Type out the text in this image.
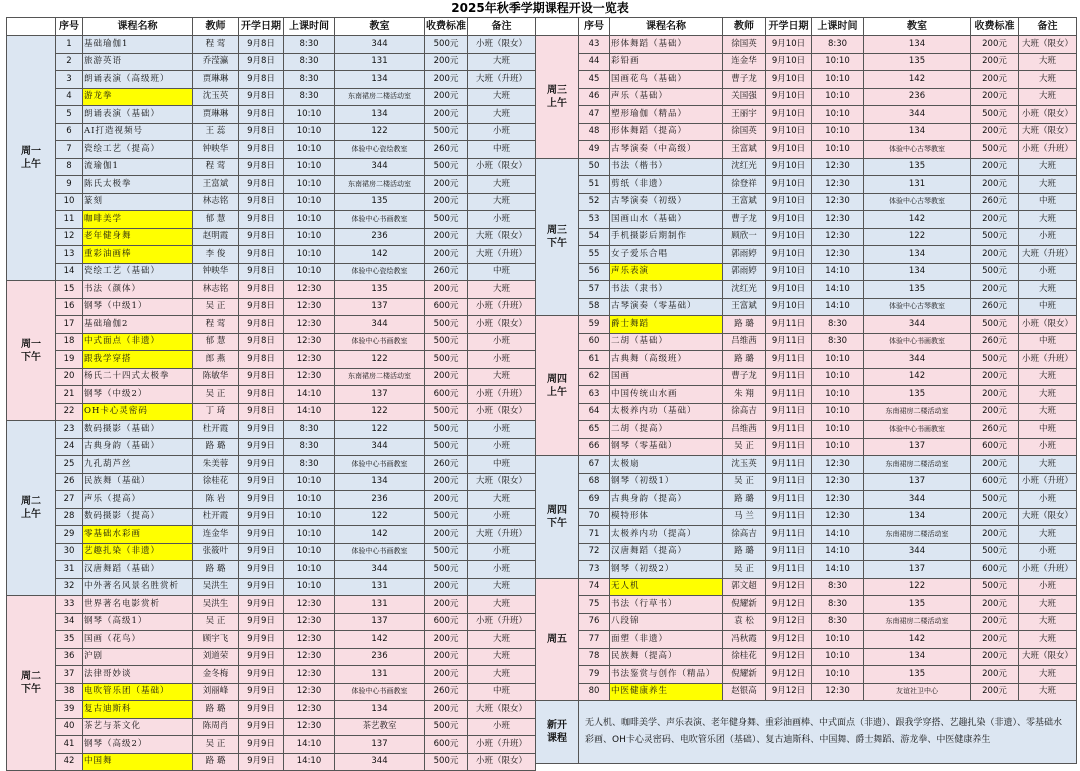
2025年秋季学期课程开设一览表
	序号	课程名称	教师	开学日期	上课时间	教室	收费标准	备注

周一
上午	1	基础瑜伽1	程 莺	9月8日	8:30	344	500元	小班（限女）
	2	旅游英语	乔滢瀛	9月8日	8:30	131	200元	大班
	3	朗诵表演（高级班）	贾琳琳	9月8日	8:30	134	200元	大班（升班）
	4	游龙拳	沈玉英	9月8日	8:30	东南裙房二楼活动室	200元	大班
	5	朗诵表演（基础）	贾琳琳	9月8日	10:10	134	200元	大班
	6	AI打造视频号	王 蕊	9月8日	10:10	122	500元	小班
	7	瓷绘工艺（提高）	钟映华	9月8日	10:10	体验中心瓷绘教室	260元	中班
	8	流瑜伽1	程 莺	9月8日	10:10	344	500元	小班（限女）
	9	陈氏太极拳	王富斌	9月8日	10:10	东南裙房二楼活动室	200元	大班
	10	篆刻	林志铭	9月8日	10:10	135	200元	大班
	11	咖啡美学	郁 慧	9月8日	10:10	体验中心书画教室	500元	小班
	12	老年健身舞	赵明霞	9月8日	10:10	236	200元	大班（限女）
	13	重彩油画棒	李 俊	9月8日	10:10	142	200元	大班（升班）
	14	瓷绘工艺（基础）	钟映华	9月8日	10:10	体验中心瓷绘教室	260元	中班

周一
下午	15	书法（颜体）	林志铭	9月8日	12:30	135	200元	大班
	16	钢琴（中级1）	吴 正	9月8日	12:30	137	600元	小班（升班）
	17	基础瑜伽2	程 莺	9月8日	12:30	344	500元	小班（限女）
	18	中式面点（非遗）	郁 慧	9月8日	12:30	体验中心书画教室	500元	小班
	19	跟我学穿搭	郎 燕	9月8日	12:30	122	500元	小班
	20	杨氏二十四式太极拳	陈敏华	9月8日	12:30	东南裙房二楼活动室	200元	大班
	21	钢琴（中级2）	吴 正	9月8日	14:10	137	600元	小班（升班）
	22	OH卡心灵密码	丁 琦	9月8日	14:10	122	500元	小班（限女）

周二
上午	23	数码摄影（基础）	杜开霞	9月9日	8:30	122	500元	小班
	24	古典身韵（基础）	路 璐	9月9日	8:30	344	500元	小班
	25	九孔葫芦丝	朱美蓉	9月9日	8:30	体验中心书画教室	260元	中班
	26	民族舞（基础）	徐桂花	9月9日	10:10	134	200元	大班（限女）
	27	声乐（提高）	陈 岩	9月9日	10:10	236	200元	大班
	28	数码摄影（提高）	杜开霞	9月9日	10:10	122	500元	小班
	29	零基础水彩画	连金华	9月9日	10:10	142	200元	大班（升班）
	30	艺趣扎染（非遗）	张筱叶	9月9日	10:10	体验中心书画教室	500元	小班
	31	汉唐舞蹈（基础）	路 璐	9月9日	10:10	344	500元	小班
	32	中外著名风景名胜赏析	吴洪生	9月9日	10:10	131	200元	大班

周二
下午	33	世界著名电影赏析	吴洪生	9月9日	12:30	131	200元	大班
	34	钢琴（高级1）	吴 正	9月9日	12:30	137	600元	小班（升班）
	35	国画（花鸟）	顾宇飞	9月9日	12:30	142	200元	大班
	36	沪剧	刘道荣	9月9日	12:30	236	200元	大班
	37	法律哥妙谈	金冬梅	9月9日	12:30	131	200元	大班
	38	电吹管乐团（基础）	刘丽峰	9月9日	12:30	体验中心书画教室	260元	中班
	39	复古迪斯科	路 璐	9月9日	12:30	134	200元	大班（限女）
	40	茶艺与茶文化	陈周肖	9月9日	12:30	茶艺教室	500元	小班
	41	钢琴（高级2）	吴 正	9月9日	14:10	137	600元	小班（升班）
	42	中国舞	路 璐	9月9日	14:10	344	500元	小班（限女）
	序号	课程名称	教师	开学日期	上课时间	教室	收费标准	备注

周三
上午	43	形体舞蹈（基础）	徐国英	9月10日	8:30	134	200元	大班（限女）
	44	彩铅画	连金华	9月10日	10:10	135	200元	大班
	45	国画花鸟（基础）	曹子龙	9月10日	10:10	142	200元	大班
	46	声乐（基础）	关国强	9月10日	10:10	236	200元	大班
	47	塑形瑜伽（精品）	王丽宇	9月10日	10:10	344	500元	小班（限女）
	48	形体舞蹈（提高）	徐国英	9月10日	10:10	134	200元	大班（限女）
	49	古琴演奏（中高级）	王富斌	9月10日	10:10	体验中心古琴教室	500元	小班（升班）

周三
下午	50	书法（楷书）	沈红光	9月10日	12:30	135	200元	大班
	51	剪纸（非遗）	徐登祥	9月10日	12:30	131	200元	大班
	52	古琴演奏（初级）	王富斌	9月10日	12:30	体验中心古琴教室	260元	中班
	53	国画山水（基础）	曹子龙	9月10日	12:30	142	200元	大班
	54	手机摄影后期制作	顾欣一	9月10日	12:30	122	500元	小班
	55	女子爱乐合唱	郭雨婷	9月10日	12:30	134	200元	大班（升班）
	56	声乐表演	郭雨婷	9月10日	14:10	134	500元	小班
	57	书法（隶书）	沈红光	9月10日	14:10	135	200元	大班
	58	古琴演奏（零基础）	王富斌	9月10日	14:10	体验中心古琴教室	260元	中班

周四
上午	59	爵士舞蹈	路 璐	9月11日	8:30	344	500元	小班（限女）
	60	二胡（基础）	吕维茜	9月11日	8:30	体验中心书画教室	260元	中班
	61	古典舞（高级班）	路 璐	9月11日	10:10	344	500元	小班（升班）
	62	国画	曹子龙	9月11日	10:10	142	200元	大班
	63	中国传统山水画	朱 翔	9月11日	10:10	135	200元	大班
	64	太极养内功（基础）	徐高吉	9月11日	10:10	东南裙房二楼活动室	200元	大班
	65	二胡（提高）	吕维茜	9月11日	10:10	体验中心书画教室	260元	中班
	66	钢琴（零基础）	吴 正	9月11日	10:10	137	600元	小班

周四
下午	67	太极扇	沈玉英	9月11日	12:30	东南裙房二楼活动室	200元	大班
	68	钢琴（初级1）	吴 正	9月11日	12:30	137	600元	小班（升班）
	69	古典身韵（提高）	路 璐	9月11日	12:30	344	500元	小班
	70	模特形体	马 兰	9月11日	12:30	134	200元	大班（限女）
	71	太极养内功（提高）	徐高吉	9月11日	14:10	东南裙房二楼活动室	200元	大班
	72	汉唐舞蹈（提高）	路 璐	9月11日	14:10	344	500元	小班
	73	钢琴（初级2）	吴 正	9月11日	14:10	137	600元	小班（升班）

周五	74	无人机	郭文超	9月12日	8:30	122	500元	小班
	75	书法（行草书）	倪耀新	9月12日	8:30	135	200元	大班
	76	八段锦	袁 松	9月12日	8:30	东南裙房二楼活动室	200元	大班
	77	面塑（非遗）	冯秋霞	9月12日	10:10	142	200元	大班
	78	民族舞（提高）	徐桂花	9月12日	10:10	134	200元	大班（限女）
	79	书法鉴赏与创作（精品）	倪耀新	9月12日	10:10	135	200元	大班
	80	中医健康养生	赵银高	9月12日	12:30	友谊社卫中心	200元	大班

新开
课程	无人机、咖啡美学、声乐表演、老年健身舞、重彩油画棒、中式面点（非遗）、跟我学穿搭、艺趣扎染（非遗）、零基础水彩画、OH卡心灵密码、电吹管乐团（基础）、复古迪斯科、中国舞、爵士舞蹈、游龙拳、中医健康养生							
